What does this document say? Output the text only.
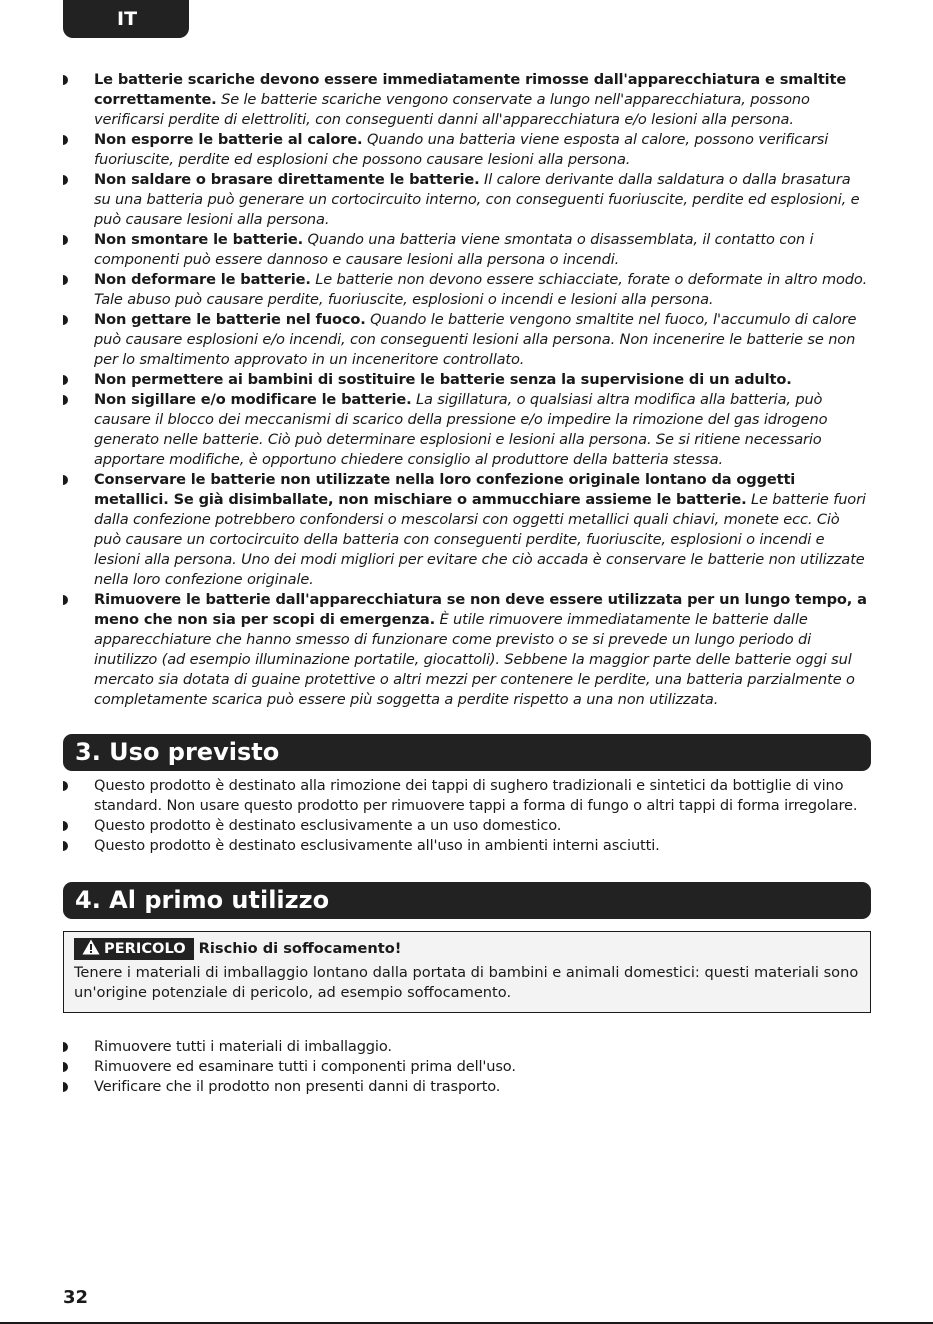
IT
Le batterie scariche devono essere immediatamente rimosse dall'apparecchiatura e smaltite correttamente. Se le batterie scariche vengono conservate a lungo nell'apparecchiatura, possono verificarsi perdite di elettroliti, con conseguenti danni all'apparecchiatura e/o lesioni alla persona.
Non esporre le batterie al calore. Quando una batteria viene esposta al calore, possono verificarsi fuoriuscite, perdite ed esplosioni che possono causare lesioni alla persona.
Non saldare o brasare direttamente le batterie. Il calore derivante dalla saldatura o dalla brasatura su una batteria può generare un cortocircuito interno, con conseguenti fuoriuscite, perdite ed esplosioni, e può causare lesioni alla persona.
Non smontare le batterie. Quando una batteria viene smontata o disassemblata, il contatto con i componenti può essere dannoso e causare lesioni alla persona o incendi.
Non deformare le batterie. Le batterie non devono essere schiacciate, forate o deformate in altro modo. Tale abuso può causare perdite, fuoriuscite, esplosioni o incendi e lesioni alla persona.
Non gettare le batterie nel fuoco. Quando le batterie vengono smaltite nel fuoco, l'accumulo di calore può causare esplosioni e/o incendi, con conseguenti lesioni alla persona. Non incenerire le batterie se non per lo smaltimento approvato in un inceneritore controllato.
Non permettere ai bambini di sostituire le batterie senza la supervisione di un adulto.
Non sigillare e/o modificare le batterie. La sigillatura, o qualsiasi altra modifica alla batteria, può causare il blocco dei meccanismi di scarico della pressione e/o impedire la rimozione del gas idrogeno generato nelle batterie. Ciò può determinare esplosioni e lesioni alla persona. Se si ritiene necessario apportare modifiche, è opportuno chiedere consiglio al produttore della batteria stessa.
Conservare le batterie non utilizzate nella loro confezione originale lontano da oggetti metallici. Se già disimballate, non mischiare o ammucchiare assieme le batterie. Le batterie fuori dalla confezione potrebbero confondersi o mescolarsi con oggetti metallici quali chiavi, monete ecc. Ciò può causare un cortocircuito della batteria con conseguenti perdite, fuoriuscite, esplosioni o incendi e lesioni alla persona. Uno dei modi migliori per evitare che ciò accada è conservare le batterie non utilizzate nella loro confezione originale.
Rimuovere le batterie dall'apparecchiatura se non deve essere utilizzata per un lungo tempo, a meno che non sia per scopi di emergenza. È utile rimuovere immediatamente le batterie dalle apparecchiature che hanno smesso di funzionare come previsto o se si prevede un lungo periodo di inutilizzo (ad esempio illuminazione portatile, giocattoli). Sebbene la maggior parte delle batterie oggi sul mercato sia dotata di guaine protettive o altri mezzi per contenere le perdite, una batteria parzialmente o completamente scarica può essere più soggetta a perdite rispetto a una non utilizzata.
3. Uso previsto
Questo prodotto è destinato alla rimozione dei tappi di sughero tradizionali e sintetici da bottiglie di vino standard. Non usare questo prodotto per rimuovere tappi a forma di fungo o altri tappi di forma irregolare.
Questo prodotto è destinato esclusivamente a un uso domestico.
Questo prodotto è destinato esclusivamente all'uso in ambienti interni asciutti.
4. Al primo utilizzo
PERICOLO Rischio di soffocamento!
Tenere i materiali di imballaggio lontano dalla portata di bambini e animali domestici: questi materiali sono un'origine potenziale di pericolo, ad esempio soffocamento.
Rimuovere tutti i materiali di imballaggio.
Rimuovere ed esaminare tutti i componenti prima dell'uso.
Verificare che il prodotto non presenti danni di trasporto.
32
